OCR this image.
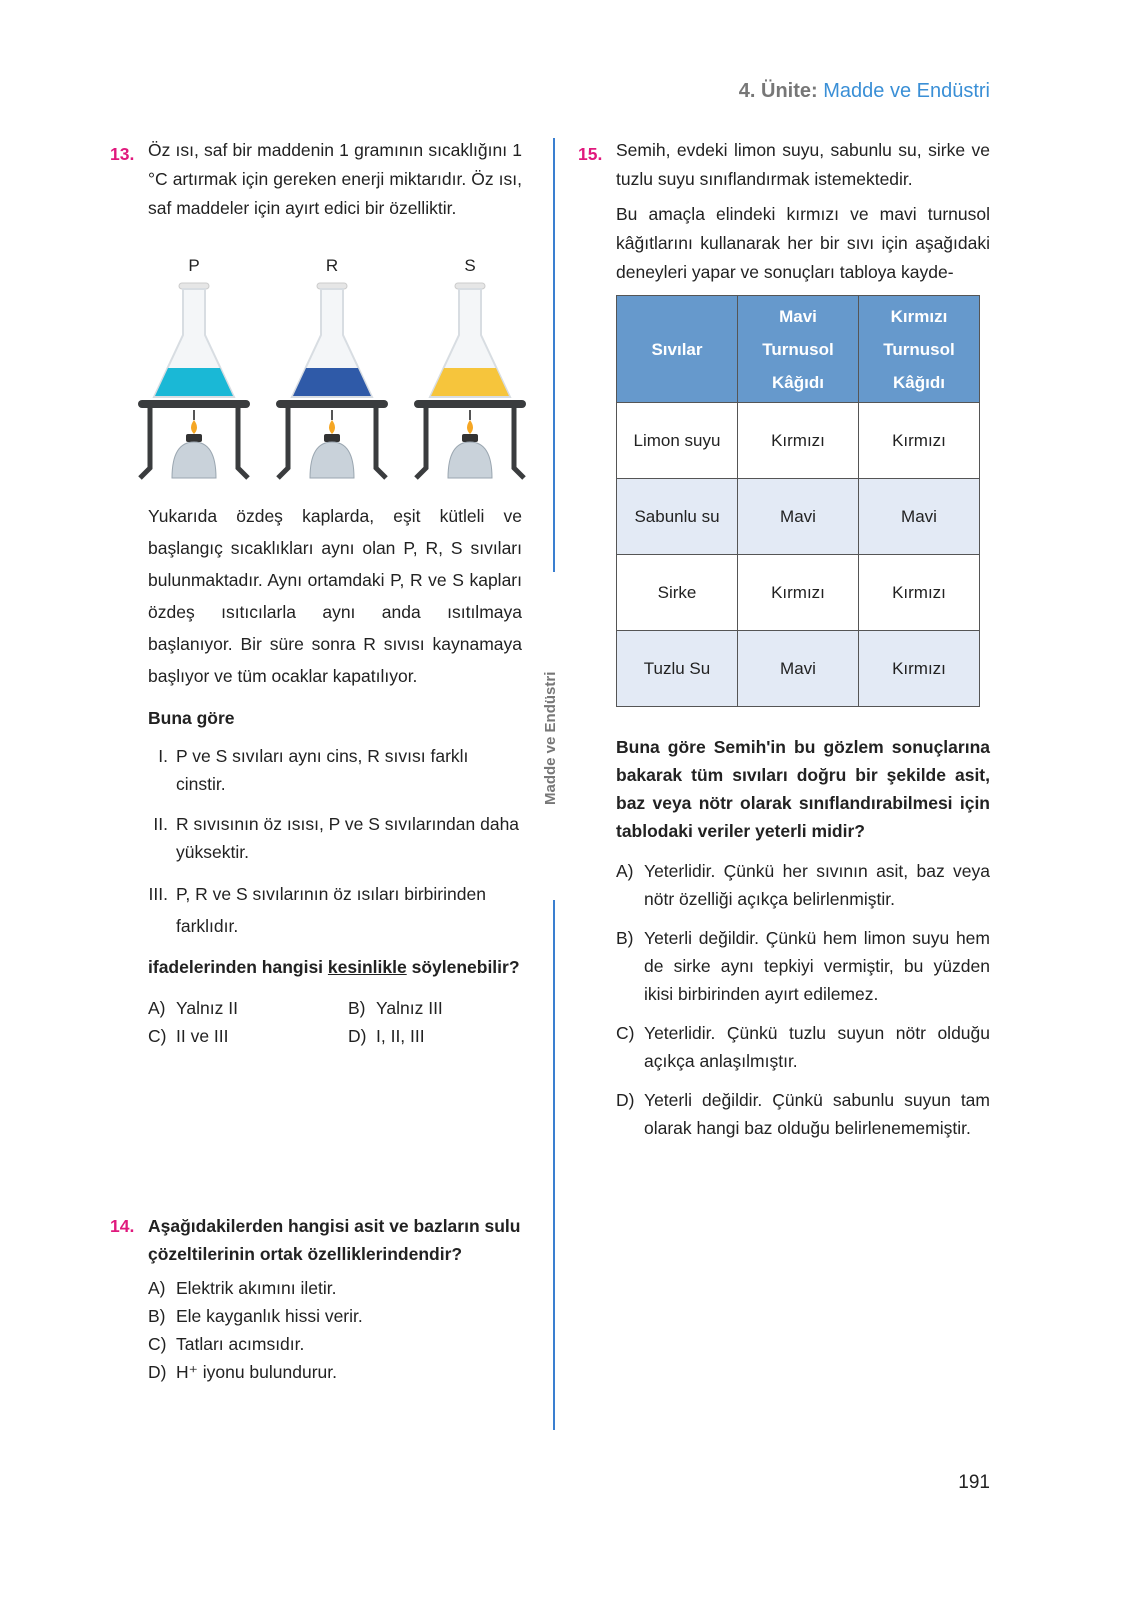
4. Ünite: Madde ve Endüstri
Madde ve Endüstri
13. Öz ısı, saf bir maddenin 1 gramının sıcaklığını 1 °C artırmak için gereken enerji miktarıdır. Öz ısı, saf maddeler için ayırt edici bir özelliktir.
P	R	S
Yukarıda özdeş kaplarda, eşit kütleli ve başlangıç sıcaklıkları aynı olan P, R, S sıvıları bulunmaktadır. Aynı ortamdaki P, R ve S kapları özdeş ısıtıcılarla aynı anda ısıtılmaya başlanıyor. Bir süre sonra R sıvısı kaynamaya başlıyor ve tüm ocaklar kapatılıyor.
Buna göre
I. P ve S sıvıları aynı cins, R sıvısı farklı cinstir.
II. R sıvısının öz ısısı, P ve S sıvılarından daha yüksektir.
III. P, R ve S sıvılarının öz ısıları birbirinden farklıdır.
ifadelerinden hangisi kesinlikle söylenebilir?
A) Yalnız II	B) Yalnız III
C) II ve III	D) I, II, III
14. Aşağıdakilerden hangisi asit ve bazların sulu çözeltilerinin ortak özelliklerindendir?
A) Elektrik akımını iletir.
B) Ele kayganlık hissi verir.
C) Tatları acımsıdır.
D) H⁺ iyonu bulundurur.
15. Semih, evdeki limon suyu, sabunlu su, sirke ve tuzlu suyu sınıflandırmak istemektedir.
Bu amaçla elindeki kırmızı ve mavi turnusol kâğıtlarını kullanarak her bir sıvı için aşağıdaki deneyleri yapar ve sonuçları tabloya kayde-
Sıvılar	Mavi Turnusol Kâğıdı	Kırmızı Turnusol Kâğıdı
Limon suyu	Kırmızı	Kırmızı
Sabunlu su	Mavi	Mavi
Sirke	Kırmızı	Kırmızı
Tuzlu Su	Mavi	Kırmızı
Buna göre Semih'in bu gözlem sonuçlarına bakarak tüm sıvıları doğru bir şekilde asit, baz veya nötr olarak sınıflandırabilmesi için tablodaki veriler yeterli midir?
A) Yeterlidir. Çünkü her sıvının asit, baz veya nötr özelliği açıkça belirlenmiştir.
B) Yeterli değildir. Çünkü hem limon suyu hem de sirke aynı tepkiyi vermiştir, bu yüzden ikisi birbirinden ayırt edilemez.
C) Yeterlidir. Çünkü tuzlu suyun nötr olduğu açıkça anlaşılmıştır.
D) Yeterli değildir. Çünkü sabunlu suyun tam olarak hangi baz olduğu belirlenememiştir.
191
